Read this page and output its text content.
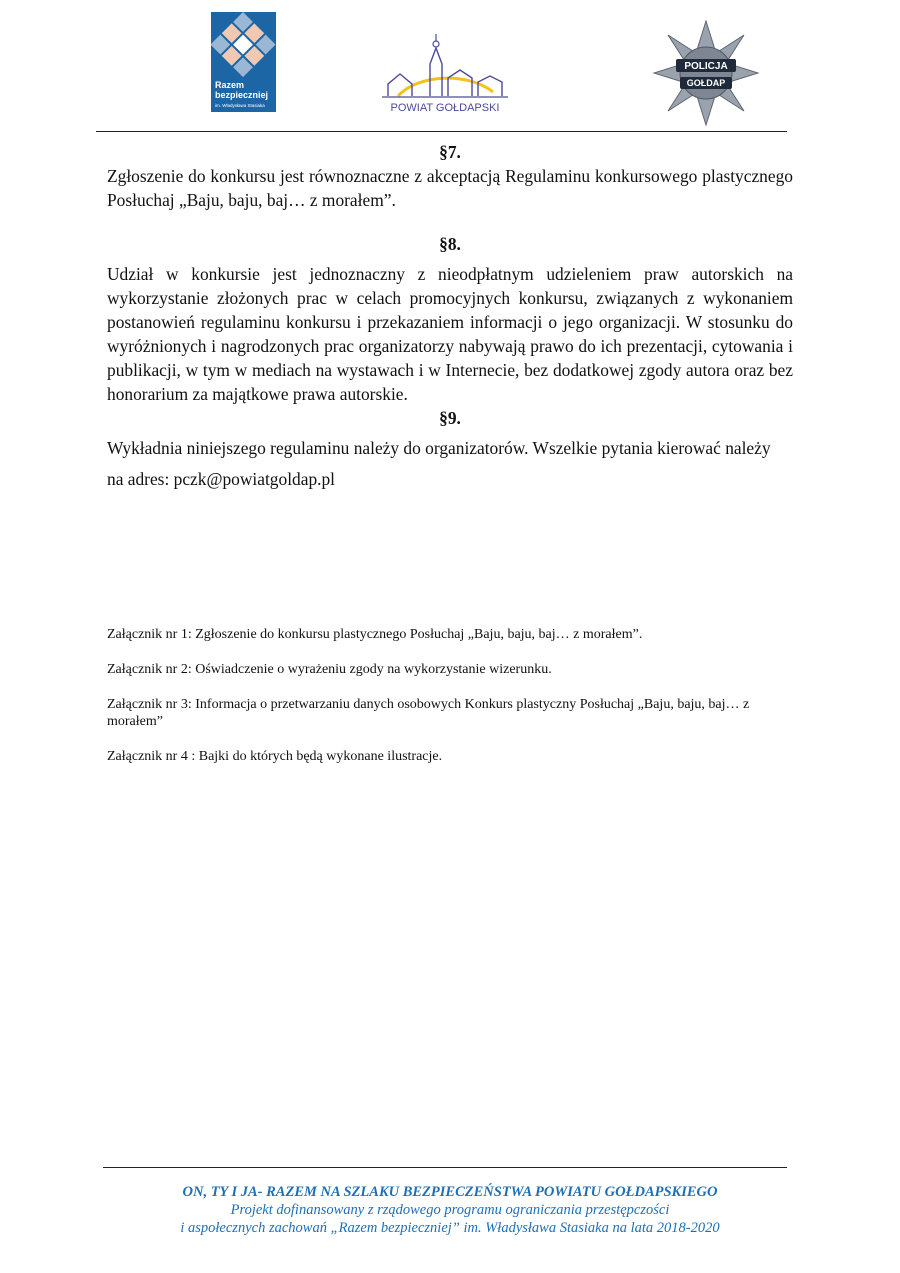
Razem
bezpieczniej
im. Władysława Stasiaka	POWIAT GOŁDAPSKI
POLICJA
GOŁDAP

§7.

Zgłoszenie do konkursu jest równoznaczne z akceptacją Regulaminu konkursowego plastycznego Posłuchaj „Baju, baju, baj… z morałem”.

§8.

Udział w konkursie jest jednoznaczny z nieodpłatnym udzieleniem praw autorskich na wykorzystanie złożonych prac w celach promocyjnych konkursu, związanych z wykonaniem postanowień regulaminu konkursu i przekazaniem informacji o jego organizacji. W stosunku do wyróżnionych i nagrodzonych prac organizatorzy nabywają prawo do ich prezentacji, cytowania i publikacji, w tym w mediach na wystawach i w Internecie, bez dodatkowej zgody autora oraz bez honorarium za majątkowe prawa autorskie.

§9.

Wykładnia niniejszego regulaminu należy do organizatorów. Wszelkie pytania kierować należy

na adres: pczk@powiatgoldap.pl

Załącznik nr 1: Zgłoszenie do konkursu plastycznego Posłuchaj „Baju, baju, baj… z morałem”.

Załącznik nr 2: Oświadczenie o wyrażeniu zgody na wykorzystanie wizerunku.

Załącznik nr 3: Informacja o przetwarzaniu danych osobowych Konkurs plastyczny Posłuchaj „Baju, baju, baj… z morałem”

Załącznik nr 4 : Bajki do których będą wykonane ilustracje.

ON, TY I JA- RAZEM NA SZLAKU BEZPIECZEŃSTWA POWIATU GOŁDAPSKIEGO

Projekt dofinansowany z rządowego programu ograniczania przestępczości

i aspołecznych zachowań „Razem bezpieczniej” im. Władysława Stasiaka na lata 2018-2020
